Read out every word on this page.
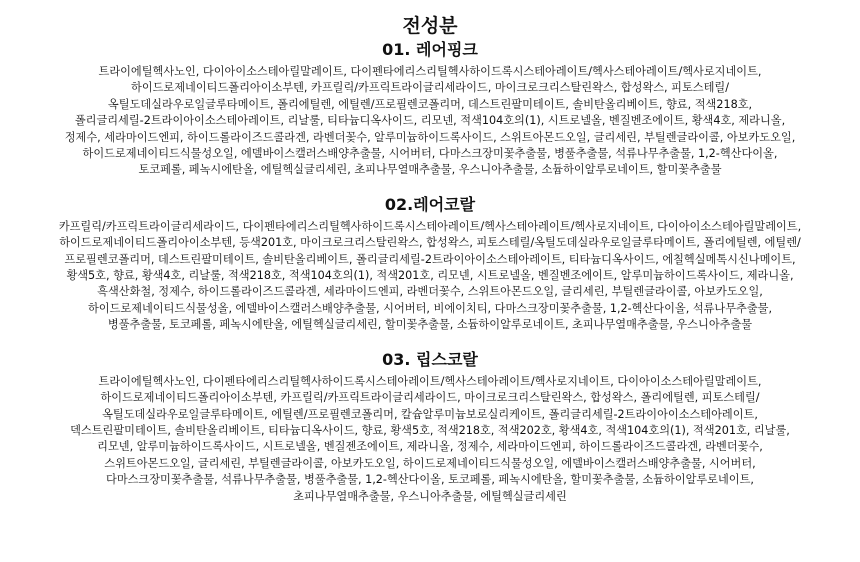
전성분
01. 레어핑크

트라이에틸헥사노인, 다이아이소스테아릴말레이트, 다이펜타에리스리틸헥사하이드록시스테아레이트/헥사스테아레이트/헥사로지네이트, 하이드로제네이티드폴리아이소부텐, 카프릴릭/카프릭트라이글리세라이드, 마이크로크리스탈린왁스, 합성왁스, 피토스테릴/옥틸도데실라우로일글루타메이트, 폴리에틸렌, 에틸렌/프로필렌코폴리머, 데스트린팔미테이트, 솔비탄올리베이트, 향료, 적색218호, 폴리글리세릴-2트라이아이소스테아레이트, 리날룰, 티타늄디옥사이드, 리모넨, 적색104호의(1), 시트로넬올, 벤질벤조에이트, 황색4호, 제라니올, 정제수, 세라마이드엔피, 하이드롤라이즈드콜라겐, 라벤더꽃수, 알루미늄하이드록사이드, 스위트아몬드오일, 글리세린, 부틸렌글라이콜, 아보카도오일, 하이드로제네이티드식물성오일, 에델바이스캘러스배양추출물, 시어버터, 다마스크장미꽃추출물, 병풀추출물, 석류나무추출물, 1,2-헥산다이올, 토코페롤, 페녹시에탄올, 에틸헥실글리세린, 초피나무열매추출물, 우스니아추출물, 소듐하이알루로네이트, 할미꽃추출물

02.레어코랄

카프릴릭/카프릭트라이글리세라이드, 다이펜타에리스리틸헥사하이드록시스테아레이트/헥사스테아레이트/헥사로지네이트, 다이아이소스테아릴말레이트, 하이드로제네이티드폴리아이소부텐, 등색201호, 마이크로크리스탈린왁스, 합성왁스, 피토스테릴/옥틸도데실라우로일글루타메이트, 폴리에틸렌, 에틸렌/프로필렌코폴리머, 데스트린팔미테이트, 솔비탄올리베이트, 폴리글리세릴-2트라이아이소스테아레이트, 티타늄디옥사이드, 에칠헥실메톡시신나메이트, 황색5호, 향료, 황색4호, 리날룰, 적색218호, 적색104호의(1), 적색201호, 리모넨, 시트로넬올, 벤질벤조에이트, 알루미늄하이드록사이드, 제라니올, 흑색산화철, 정제수, 하이드롤라이즈드콜라겐, 세라마이드엔피, 라벤더꽃수, 스위트아몬드오일, 글리세린, 부틸렌글라이콜, 아보카도오일, 하이드로제네이티드식물성올, 에델바이스캘러스배양추출물, 시어버터, 비에이치티, 다마스크장미꽃추출물, 1,2-헥산다이올, 석류나무추출물, 병풀추출물, 토코페롤, 페녹시에탄올, 에틸헥실글리세린, 할미꽃추출물, 소듐하이알루로네이트, 초피나무열매추출물, 우스니아추출물

03. 립스코랄

트라이에틸헥사노인, 다이펜타에리스리틸헥사하이드록시스테아레이트/헥사스테아레이트/헥사로지네이트, 다이아이소스테아릴말레이트, 하이드로제네이티드폴리아이소부텐, 카프릴릭/카프릭트라이글리세라이드, 마이크로크리스탈린왁스, 합성왁스, 폴리에틸렌, 피토스테릴/옥틸도데실라우로일글루타메이트, 에틸렌/프로필렌코폴리머, 칼슘알루미늄보로실리케이트, 폴리글리세릴-2트라이아이소스테아레이트, 덱스트린팔미테이트, 솔비탄올리베이트, 티타늄디옥사이드, 향료, 황색5호, 적색218호, 적색202호, 황색4호, 적색104호의(1), 적색201호, 리날룰, 리모넨, 알루미늄하이드록사이드, 시트로넬올, 벤질젠조에이트, 제라니올, 정제수, 세라마이드엔피, 하이드롤라이즈드콜라겐, 라벤더꽃수, 스위트아몬드오일, 글리세린, 부틸렌글라이콜, 아보카도오일, 하이드로제네이티드식물성오일, 에델바이스캘러스배양추출물, 시어버터, 다마스크장미꽃추출물, 석류나무추출물, 병풀추출물, 1,2-헥산다이올, 토코페롤, 페녹시에탄올, 할미꽃추출물, 소듐하이알루로네이트, 초피나무열매추출물, 우스니아추출물, 에틸헥실글리세린
